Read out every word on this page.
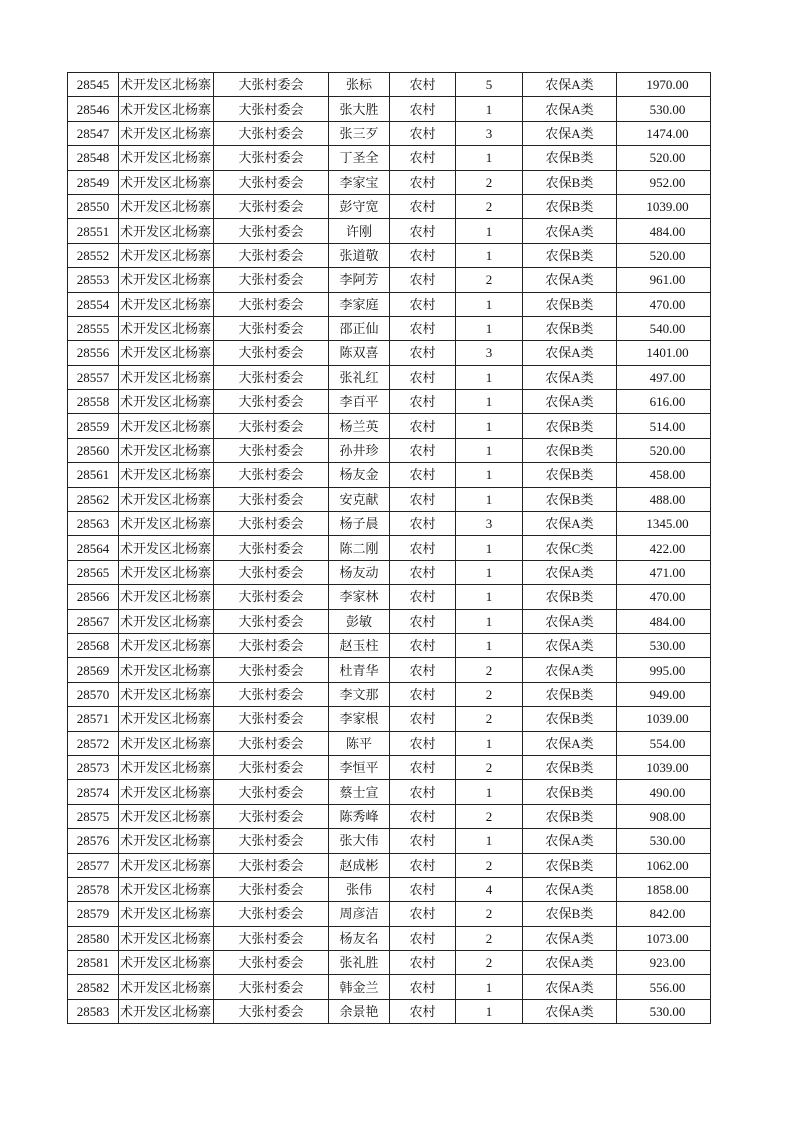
28545	术开发区北杨寨	大张村委会	张标	农村	5	农保A类	1970.00
28546	术开发区北杨寨	大张村委会	张大胜	农村	1	农保A类	530.00
28547	术开发区北杨寨	大张村委会	张三歹	农村	3	农保A类	1474.00
28548	术开发区北杨寨	大张村委会	丁圣全	农村	1	农保B类	520.00
28549	术开发区北杨寨	大张村委会	李家宝	农村	2	农保B类	952.00
28550	术开发区北杨寨	大张村委会	彭守宽	农村	2	农保B类	1039.00
28551	术开发区北杨寨	大张村委会	许刚	农村	1	农保A类	484.00
28552	术开发区北杨寨	大张村委会	张道敬	农村	1	农保B类	520.00
28553	术开发区北杨寨	大张村委会	李阿芳	农村	2	农保A类	961.00
28554	术开发区北杨寨	大张村委会	李家庭	农村	1	农保B类	470.00
28555	术开发区北杨寨	大张村委会	邵正仙	农村	1	农保B类	540.00
28556	术开发区北杨寨	大张村委会	陈双喜	农村	3	农保A类	1401.00
28557	术开发区北杨寨	大张村委会	张礼红	农村	1	农保A类	497.00
28558	术开发区北杨寨	大张村委会	李百平	农村	1	农保A类	616.00
28559	术开发区北杨寨	大张村委会	杨兰英	农村	1	农保B类	514.00
28560	术开发区北杨寨	大张村委会	孙井珍	农村	1	农保B类	520.00
28561	术开发区北杨寨	大张村委会	杨友金	农村	1	农保B类	458.00
28562	术开发区北杨寨	大张村委会	安克献	农村	1	农保B类	488.00
28563	术开发区北杨寨	大张村委会	杨子晨	农村	3	农保A类	1345.00
28564	术开发区北杨寨	大张村委会	陈二刚	农村	1	农保C类	422.00
28565	术开发区北杨寨	大张村委会	杨友动	农村	1	农保A类	471.00
28566	术开发区北杨寨	大张村委会	李家林	农村	1	农保B类	470.00
28567	术开发区北杨寨	大张村委会	彭敏	农村	1	农保A类	484.00
28568	术开发区北杨寨	大张村委会	赵玉柱	农村	1	农保A类	530.00
28569	术开发区北杨寨	大张村委会	杜青华	农村	2	农保A类	995.00
28570	术开发区北杨寨	大张村委会	李文那	农村	2	农保B类	949.00
28571	术开发区北杨寨	大张村委会	李家根	农村	2	农保B类	1039.00
28572	术开发区北杨寨	大张村委会	陈平	农村	1	农保A类	554.00
28573	术开发区北杨寨	大张村委会	李恒平	农村	2	农保B类	1039.00
28574	术开发区北杨寨	大张村委会	蔡士宣	农村	1	农保B类	490.00
28575	术开发区北杨寨	大张村委会	陈秀峰	农村	2	农保B类	908.00
28576	术开发区北杨寨	大张村委会	张大伟	农村	1	农保A类	530.00
28577	术开发区北杨寨	大张村委会	赵成彬	农村	2	农保B类	1062.00
28578	术开发区北杨寨	大张村委会	张伟	农村	4	农保A类	1858.00
28579	术开发区北杨寨	大张村委会	周彦洁	农村	2	农保B类	842.00
28580	术开发区北杨寨	大张村委会	杨友名	农村	2	农保A类	1073.00
28581	术开发区北杨寨	大张村委会	张礼胜	农村	2	农保A类	923.00
28582	术开发区北杨寨	大张村委会	韩金兰	农村	1	农保A类	556.00
28583	术开发区北杨寨	大张村委会	余景艳	农村	1	农保A类	530.00
